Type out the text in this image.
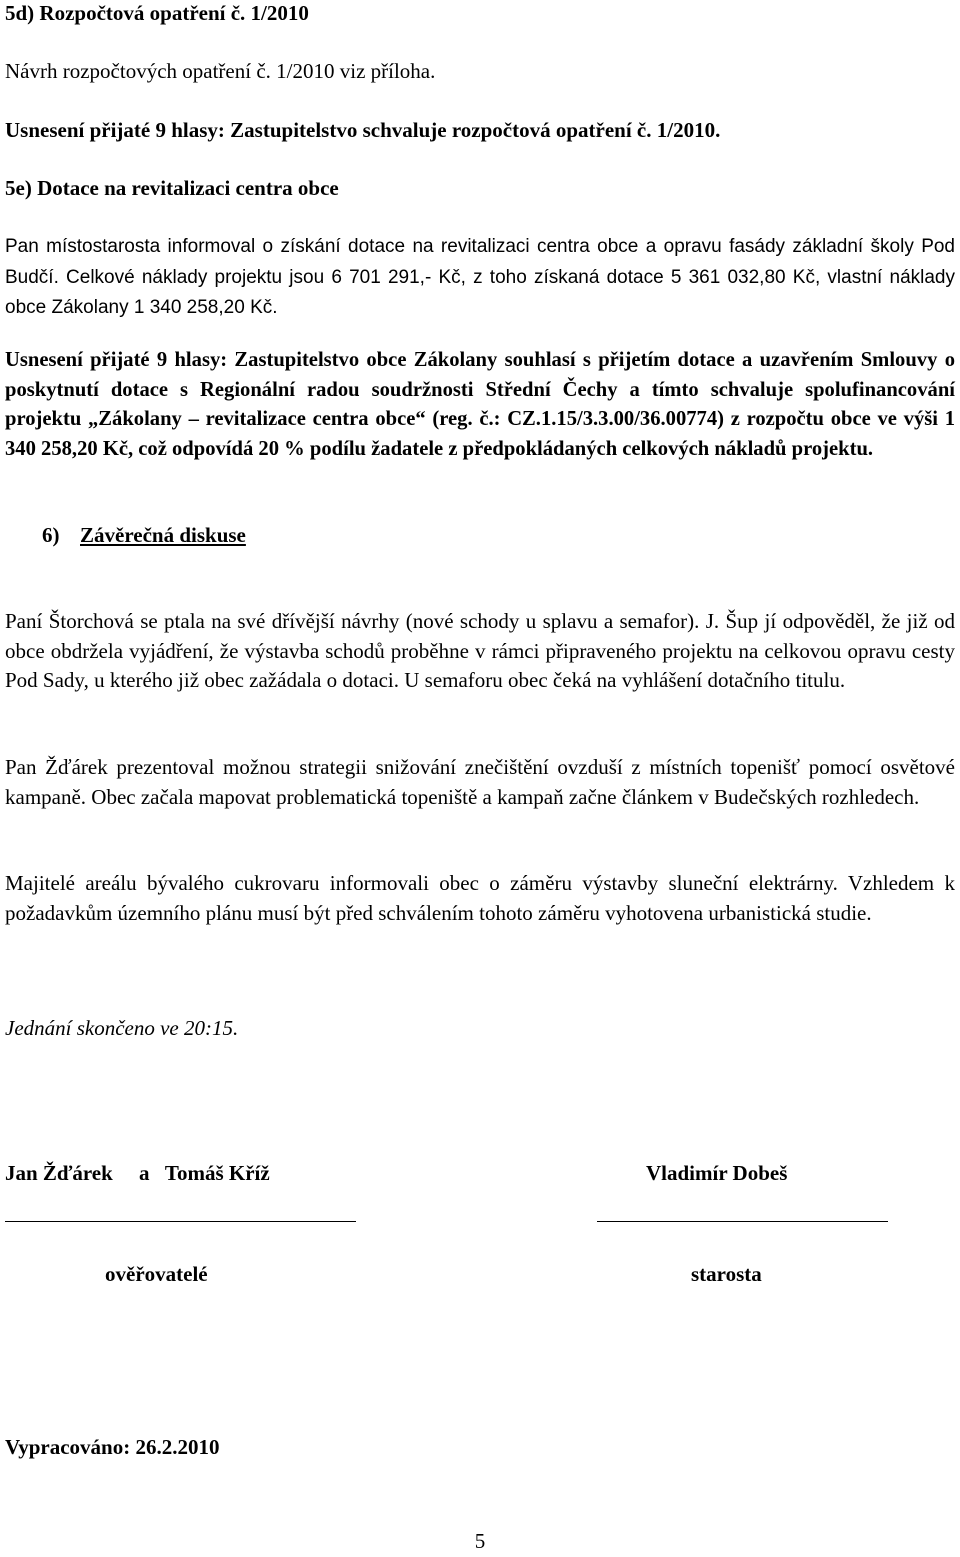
5d) Rozpočtová opatření č. 1/2010
Návrh rozpočtových opatření č. 1/2010 viz příloha.
Usnesení přijaté 9 hlasy: Zastupitelstvo schvaluje rozpočtová opatření č. 1/2010.
5e) Dotace na revitalizaci centra obce
Pan místostarosta informoval o získání dotace na revitalizaci centra obce a opravu fasády základní školy Pod Budčí. Celkové náklady projektu jsou 6 701 291,- Kč, z toho získaná dotace 5 361 032,80 Kč, vlastní náklady obce Zákolany 1 340 258,20 Kč.
Usnesení přijaté 9 hlasy: Zastupitelstvo obce Zákolany souhlasí s přijetím dotace a uzavřením Smlouvy o poskytnutí dotace s Regionální radou soudržnosti Střední Čechy a tímto schvaluje spolufinancování projektu „Zákolany – revitalizace centra obce“ (reg. č.: CZ.1.15/3.3.00/36.00774) z rozpočtu obce ve výši 1 340 258,20 Kč, což odpovídá 20 % podílu žadatele z předpokládaných celkových nákladů projektu.
6) Závěrečná diskuse
Paní Štorchová se ptala na své dřívější návrhy (nové schody u splavu a semafor). J. Šup jí odpověděl, že již od obce obdržela vyjádření, že výstavba schodů proběhne v rámci připraveného projektu na celkovou opravu cesty Pod Sady, u kterého již obec zažádala o dotaci. U semaforu obec čeká na vyhlášení dotačního titulu.
Pan Žďárek prezentoval možnou strategii snižování znečištění ovzduší z místních topenišť pomocí osvětové kampaně. Obec začala mapovat problematická topeniště a kampaň začne článkem v Budečských rozhledech.
Majitelé areálu bývalého cukrovaru informovali obec o záměru výstavby sluneční elektrárny. Vzhledem k požadavkům územního plánu musí být před schválením tohoto záměru vyhotovena urbanistická studie.
Jednání skončeno ve 20:15.
Jan Žďárek     a   Tomáš Kříž	Vladimír Dobeš
ověřovatelé	starosta
Vypracováno: 26.2.2010
5
